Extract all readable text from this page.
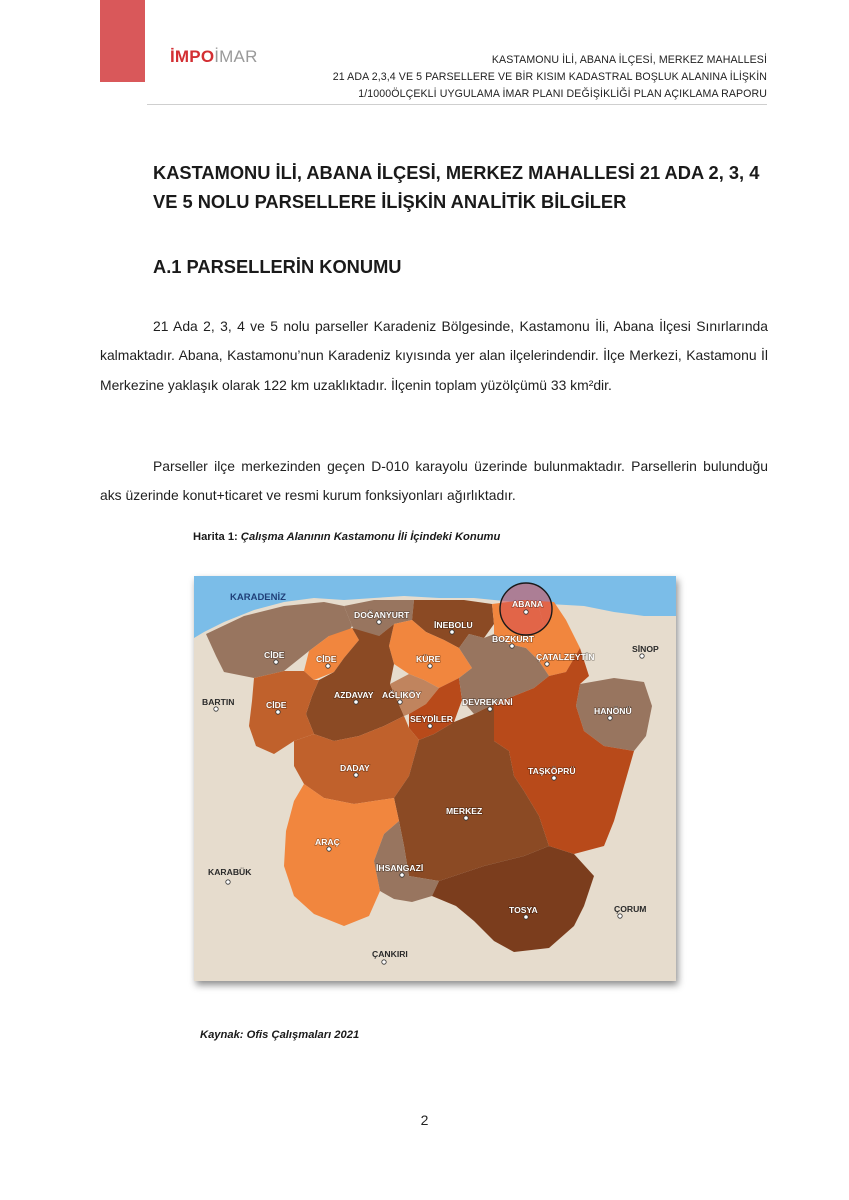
İMPOİMAR	KASTAMONU İLİ, ABANA İLÇESİ, MERKEZ MAHALLESİ
21 ADA 2,3,4 VE 5 PARSELLERE VE BİR KISIM KADASTRAL BOŞLUK ALANINA İLİŞKİN
1/1000ÖLÇEKLİ UYGULAMA İMAR PLANI DEĞİŞİKLİĞİ PLAN AÇIKLAMA RAPORU
KASTAMONU İLİ, ABANA İLÇESİ, MERKEZ MAHALLESİ 21 ADA 2, 3, 4 VE 5 NOLU PARSELLERE İLİŞKİN ANALİTİK BİLGİLER
A.1 PARSELLERİN KONUMU

21 Ada 2, 3, 4 ve 5 nolu parseller Karadeniz Bölgesinde, Kastamonu İli, Abana İlçesi Sınırlarında kalmaktadır. Abana, Kastamonu’nun Karadeniz kıyısında yer alan ilçelerindendir. İlçe Merkezi, Kastamonu İl Merkezine yaklaşık olarak 122 km uzaklıktadır. İlçenin toplam yüzölçümü 33 km²dir.

Parseller ilçe merkezinden geçen D-010 karayolu üzerinde bulunmaktadır. Parsellerin bulunduğu aks üzerinde konut+ticaret ve resmi kurum fonksiyonları ağırlıktadır.

Harita 1: Çalışma Alanının Kastamonu İli İçindeki Konumu
KARADENİZ
ABANA
DOĞANYURT
İNEBOLU
BOZKURT
ÇATALZEYTİN
CİDE	CİDE	KÜRE
AZDAVAY AĞLIKÖY
CİDE
SEYDİLER
DEVREKANİ
HANÖNÜ
DADAY	TAŞKÖPRÜ
MERKEZ
ARAÇ
İHSANGAZİ
TOSYA
SİNOP
BARTIN
KARABÜK
ÇORUM
ÇANKIRI
Kaynak: Ofis Çalışmaları 2021
2
